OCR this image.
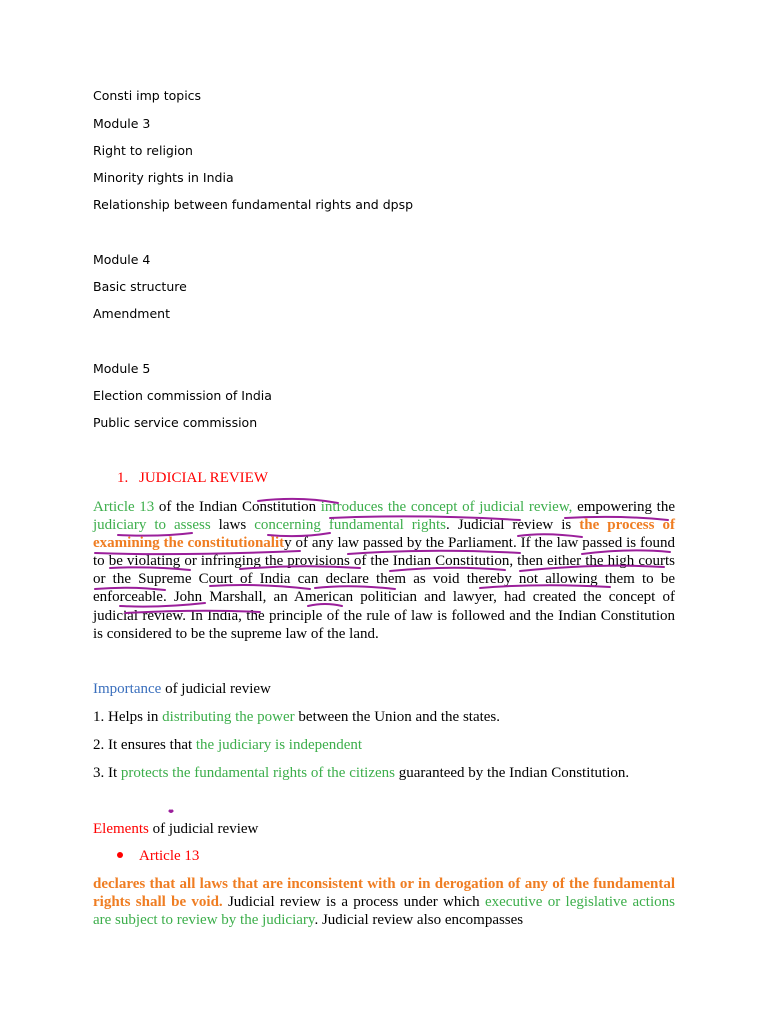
Consti imp topics
Module 3
Right to religion
Minority rights in India
Relationship between fundamental rights and dpsp
Module 4
Basic structure
Amendment
Module 5
Election commission of India
Public service commission
1. JUDICIAL REVIEW
Article 13 of the Indian Constitution introduces the concept of judicial review, empowering the judiciary to assess laws concerning fundamental rights. Judicial review is the process of examining the constitutionality of any law passed by the Parliament. If the law passed is found to be violating or infringing the provisions of the Indian Constitution, then either the high courts or the Supreme Court of India can declare them as void thereby not allowing them to be enforceable. John Marshall, an American politician and lawyer, had created the concept of judicial review. In India, the principle of the rule of law is followed and the Indian Constitution is considered to be the supreme law of the land.
Importance of judicial review
1. Helps in distributing the power between the Union and the states.
2. It ensures that the judiciary is independent
3. It protects the fundamental rights of the citizens guaranteed by the Indian Constitution.
Elements of judicial review
Article 13
declares that all laws that are inconsistent with or in derogation of any of the fundamental rights shall be void. Judicial review is a process under which executive or legislative actions are subject to review by the judiciary. Judicial review also encompasses
